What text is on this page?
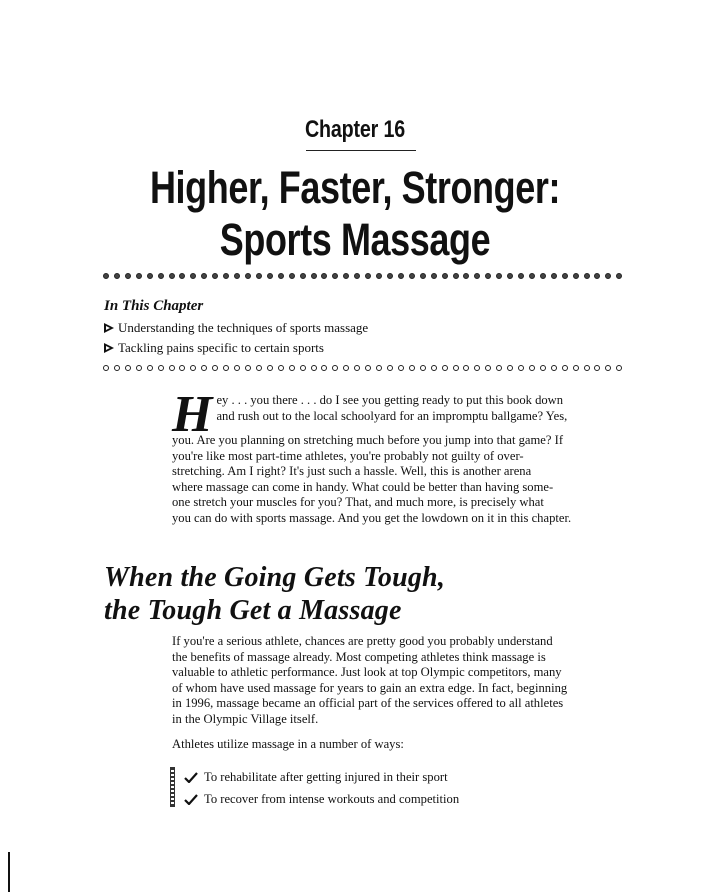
Chapter 16
Higher, Faster, Stronger:
Sports Massage
In This Chapter
Understanding the techniques of sports massage
Tackling pains specific to certain sports
H ey . . . you there . . . do I see you getting ready to put this book down
and rush out to the local schoolyard for an impromptu ballgame? Yes,
you. Are you planning on stretching much before you jump into that game? If
you're like most part-time athletes, you're probably not guilty of over-
stretching. Am I right? It's just such a hassle. Well, this is another arena
where massage can come in handy. What could be better than having some-
one stretch your muscles for you? That, and much more, is precisely what
you can do with sports massage. And you get the lowdown on it in this chapter.
When the Going Gets Tough,
the Tough Get a Massage
If you're a serious athlete, chances are pretty good you probably understand
the benefits of massage already. Most competing athletes think massage is
valuable to athletic performance. Just look at top Olympic competitors, many
of whom have used massage for years to gain an extra edge. In fact, beginning
in 1996, massage became an official part of the services offered to all athletes
in the Olympic Village itself.
Athletes utilize massage in a number of ways:
To rehabilitate after getting injured in their sport
To recover from intense workouts and competition
